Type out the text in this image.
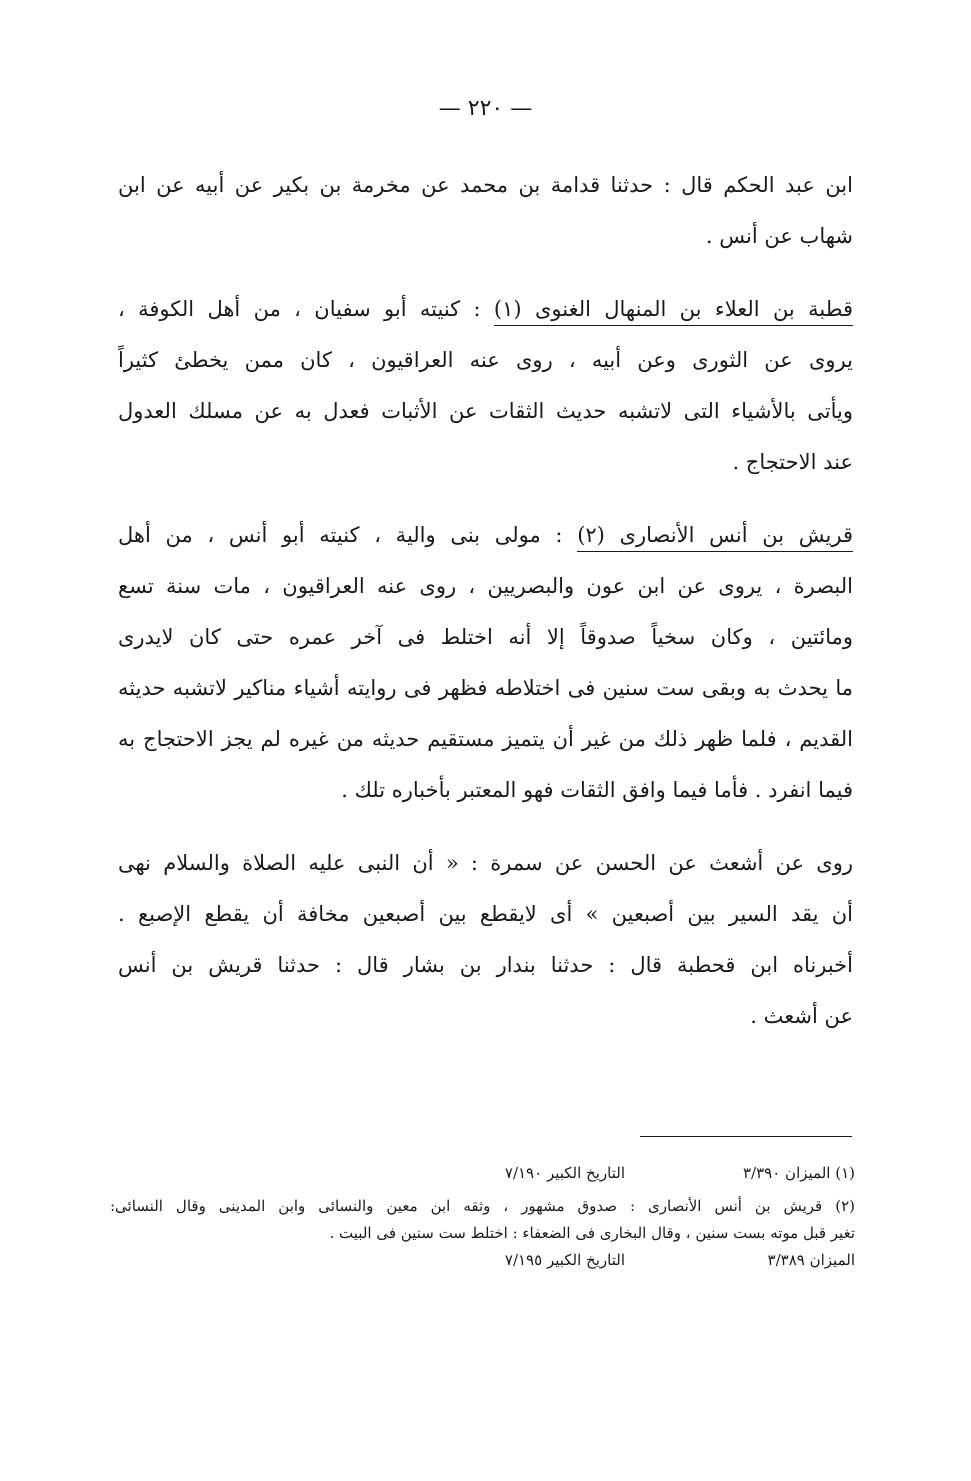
— ٢٢٠ —
ابن عبد الحكم قال : حدثنا قدامة بن محمد عن مخرمة بن بكير عن أبيه عن ابن
شهاب عن أنس .
قطبة بن العلاء بن المنهال الغنوى (١) : كنيته أبو سفيان ، من أهل الكوفة ،
يروى عن الثورى وعن أبيه ، روى عنه العراقيون ، كان ممن يخطئ كثيراً
ويأتى بالأشياء التى لاتشبه حديث الثقات عن الأثبات فعدل به عن مسلك العدول
عند الاحتجاج .
قريش بن أنس الأنصارى (٢) : مولى بنى والية ، كنيته أبو أنس ، من أهل
البصرة ، يروى عن ابن عون والبصريين ، روى عنه العراقيون ، مات سنة تسع
ومائتين ، وكان سخياً صدوقاً إلا أنه اختلط فى آخر عمره حتى كان لايدرى
ما يحدث به وبقى ست سنين فى اختلاطه فظهر فى روايته أشياء مناكير لاتشبه حديثه
القديم ، فلما ظهر ذلك من غير أن يتميز مستقيم حديثه من غيره لم يجز الاحتجاج به
فيما انفرد . فأما فيما وافق الثقات فهو المعتبر بأخباره تلك .
روى عن أشعث عن الحسن عن سمرة : « أن النبى عليه الصلاة والسلام نهى
أن يقد السير بين أصبعين » أى لايقطع بين أصبعين مخافة أن يقطع الإصبع .
أخبرناه ابن قحطبة قال : حدثنا بندار بن بشار قال : حدثنا قريش بن أنس
عن أشعث .
(١) الميزان ٣/٣٩٠التاريخ الكبير ٧/١٩٠
(٢) قريش بن أنس الأنصارى : صدوق مشهور ، وثقه ابن معين والنسائى وابن المدينى وقال النسائى:
تغير قبل موته بست سنين ، وقال البخارى فى الضعفاء : اختلط ست سنين فى البيت .
الميزان ٣/٣٨٩التاريخ الكبير ٧/١٩٥
